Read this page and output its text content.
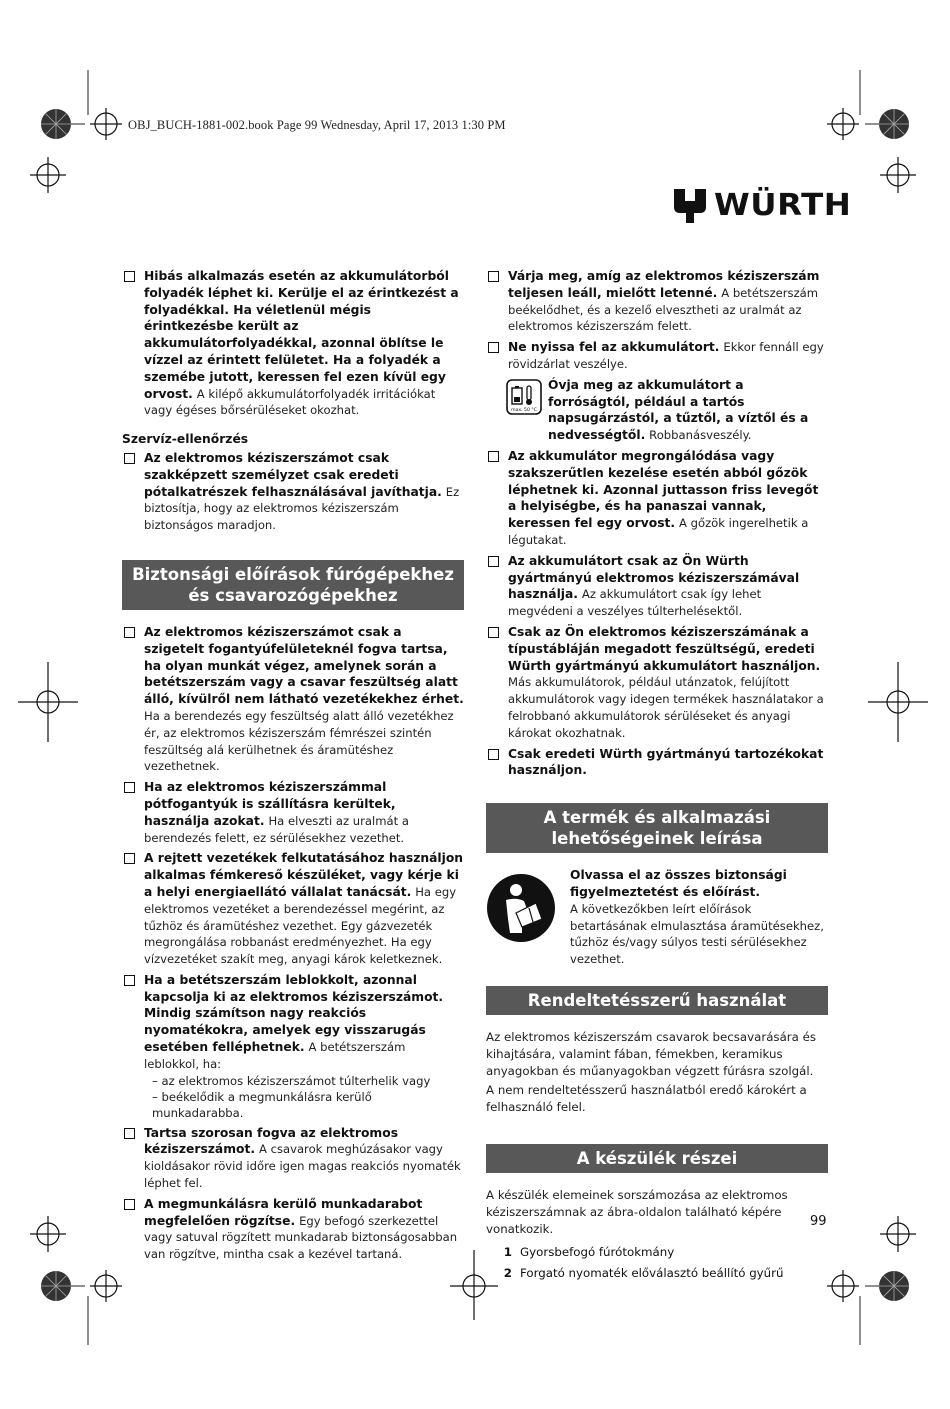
OBJ_BUCH-1881-002.book Page 99 Wednesday, April 17, 2013 1:30 PM
WÜRTH
Hibás alkalmazás esetén az akkumulátorból folyadék léphet ki. Kerülje el az érintkezést a folyadékkal. Ha véletlenül mégis érintkezésbe került az akkumulátorfolyadékkal, azonnal öblítse le vízzel az érintett felületet. Ha a folyadék a szemébe jutott, keressen fel ezen kívül egy orvost. A kilépő akkumulátorfolyadék irritációkat vagy égéses bőrsérüléseket okozhat.
Szervíz-ellenőrzés
Az elektromos kéziszerszámot csak szakképzett személyzet csak eredeti pótalkatrészek felhasználásával javíthatja. Ez biztosítja, hogy az elektromos kéziszerszám biztonságos maradjon.
Biztonsági előírások fúrógépekhez és csavarozógépekhez
Az elektromos kéziszerszámot csak a szigetelt fogantyúfelületeknél fogva tartsa, ha olyan munkát végez, amelynek során a betétszerszám vagy a csavar feszültség alatt álló, kívülről nem látható vezetékekhez érhet. Ha a berendezés egy feszültség alatt álló vezetékhez ér, az elektromos kéziszerszám fémrészei szintén feszültség alá kerülhetnek és áramütéshez vezethetnek.
Ha az elektromos kéziszerszámmal pótfogantyúk is szállításra kerültek, használja azokat. Ha elveszti az uralmát a berendezés felett, ez sérülésekhez vezethet.
A rejtett vezetékek felkutatásához használjon alkalmas fémkereső készüléket, vagy kérje ki a helyi energiaellátó vállalat tanácsát. Ha egy elektromos vezetéket a berendezéssel megérint, az tűzhöz és áramütéshez vezethet. Egy gázvezeték megrongálása robbanást eredményezhet. Ha egy vízvezetéket szakít meg, anyagi károk keletkeznek.
Ha a betétszerszám leblokkolt, azonnal kapcsolja ki az elektromos kéziszerszámot. Mindig számítson nagy reakciós nyomatékokra, amelyek egy visszarugás esetében felléphetnek. A betétszerszám leblokkol, ha:
– az elektromos kéziszerszámot túlterhelik vagy
– beékelődik a megmunkálásra kerülő munkadarabba.
Tartsa szorosan fogva az elektromos kéziszerszámot. A csavarok meghúzásakor vagy kioldásakor rövid időre igen magas reakciós nyomaték léphet fel.
A megmunkálásra kerülő munkadarabot megfelelően rögzítse. Egy befogó szerkezettel vagy satuval rögzített munkadarab biztonságosabban van rögzítve, mintha csak a kezével tartaná.
Várja meg, amíg az elektromos kéziszerszám teljesen leáll, mielőtt letenné. A betétszerszám beékelődhet, és a kezelő elvesztheti az uralmát az elektromos kéziszerszám felett.
Ne nyissa fel az akkumulátort. Ekkor fennáll egy rövidzárlat veszélye.
max. 50 °C
Óvja meg az akkumulátort a forróságtól, például a tartós napsugárzástól, a tűztől, a víztől és a nedvességtől. Robbanásveszély.
Az akkumulátor megrongálódása vagy szakszerűtlen kezelése esetén abból gőzök léphetnek ki. Azonnal juttasson friss levegőt a helyiségbe, és ha panaszai vannak, keressen fel egy orvost. A gőzök ingerelhetik a légutakat.
Az akkumulátort csak az Ön Würth gyártmányú elektromos kéziszerszámával használja. Az akkumulátort csak így lehet megvédeni a veszélyes túlterhelésektől.
Csak az Ön elektromos kéziszerszámának a típustábláján megadott feszültségű, eredeti Würth gyártmányú akkumulátort használjon. Más akkumulátorok, például utánzatok, felújított akkumulátorok vagy idegen termékek használatakor a felrobbanó akkumulátorok sérüléseket és anyagi károkat okozhatnak.
Csak eredeti Würth gyártmányú tartozékokat használjon.
A termék és alkalmazási lehetőségeinek leírása
Olvassa el az összes biztonsági figyelmeztetést és előírást.
A következőkben leírt előírások betartásának elmulasztása áramütésekhez, tűzhöz és/vagy súlyos testi sérülésekhez vezethet.
Rendeltetésszerű használat

Az elektromos kéziszerszám csavarok becsavarására és kihajtására, valamint fában, fémekben, keramikus anyagokban és műanyagokban végzett fúrásra szolgál.

A nem rendeltetésszerű használatból eredő károkért a felhasználó felel.

A készülék részei

A készülék elemeinek sorszámozása az elektromos kéziszerszámnak az ábra-oldalon található képére vonatkozik.

1 Gyorsbefogó fúrótokmány
2 Forgató nyomaték előválasztó beállító gyűrű
99
